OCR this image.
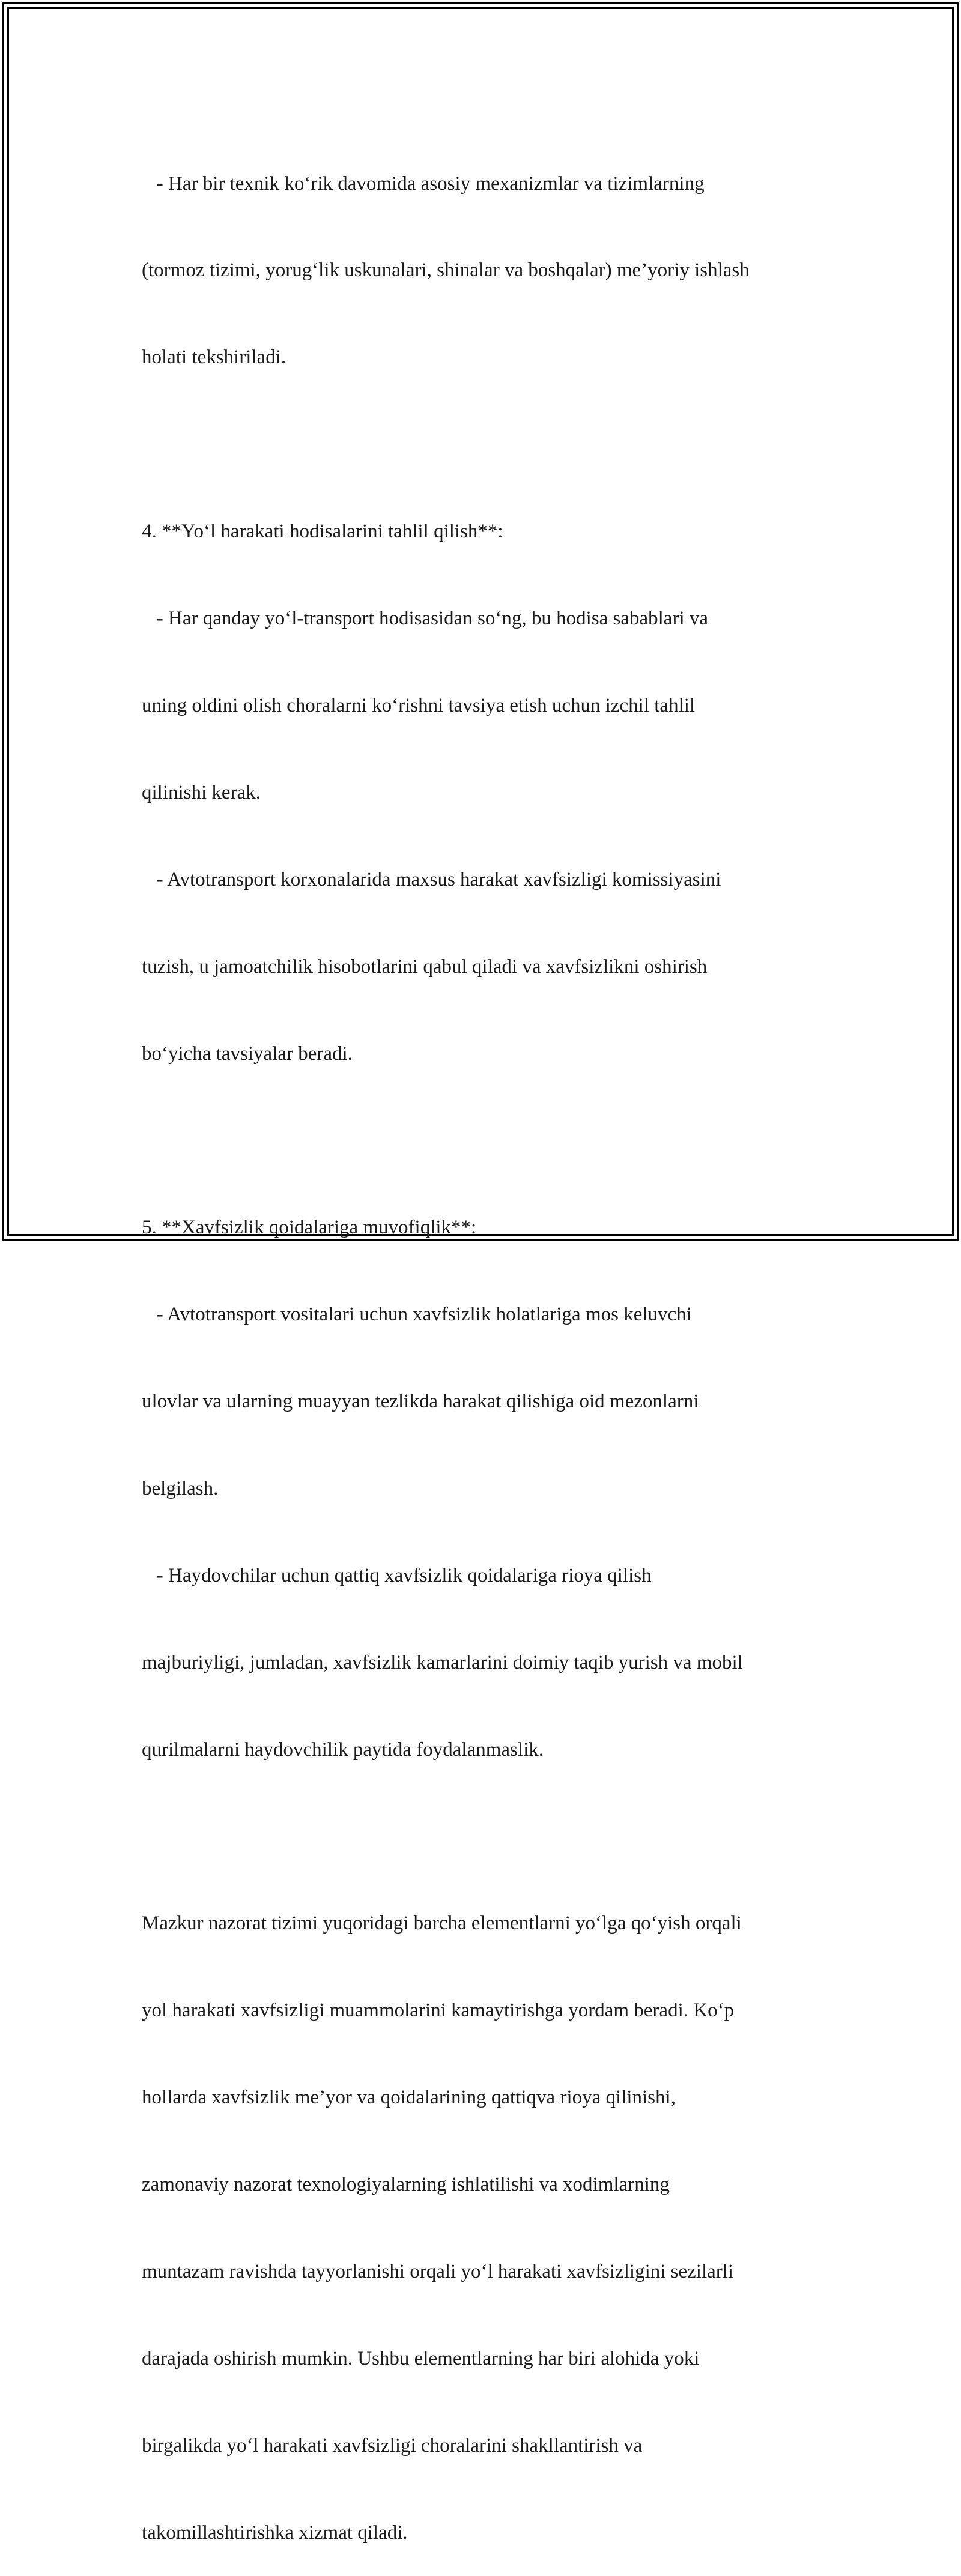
- Har bir texnik ko‘rik davomida asosiy mexanizmlar va tizimlarning

(tormoz tizimi, yorug‘lik uskunalari, shinalar va boshqalar) me’yoriy ishlash

holati tekshiriladi.

4. **Yo‘l harakati hodisalarini tahlil qilish**:

- Har qanday yo‘l-transport hodisasidan so‘ng, bu hodisa sabablari va

uning oldini olish choralarni ko‘rishni tavsiya etish uchun izchil tahlil

qilinishi kerak.

- Avtotransport korxonalarida maxsus harakat xavfsizligi komissiyasini

tuzish, u jamoatchilik hisobotlarini qabul qiladi va xavfsizlikni oshirish

bo‘yicha tavsiyalar beradi.

5. **Xavfsizlik qoidalariga muvofiqlik**:

- Avtotransport vositalari uchun xavfsizlik holatlariga mos keluvchi

ulovlar va ularning muayyan tezlikda harakat qilishiga oid mezonlarni

belgilash.

- Haydovchilar uchun qattiq xavfsizlik qoidalariga rioya qilish

majburiyligi, jumladan, xavfsizlik kamarlarini doimiy taqib yurish va mobil

qurilmalarni haydovchilik paytida foydalanmaslik.

Mazkur nazorat tizimi yuqoridagi barcha elementlarni yo‘lga qo‘yish orqali

yol harakati xavfsizligi muammolarini kamaytirishga yordam beradi. Ko‘p

hollarda xavfsizlik me’yor va qoidalarining qattiqva rioya qilinishi,

zamonaviy nazorat texnologiyalarning ishlatilishi va xodimlarning

muntazam ravishda tayyorlanishi orqali yo‘l harakati xavfsizligini sezilarli

darajada oshirish mumkin. Ushbu elementlarning har biri alohida yoki

birgalikda yo‘l harakati xavfsizligi choralarini shakllantirish va

takomillashtirishka xizmat qiladi.
